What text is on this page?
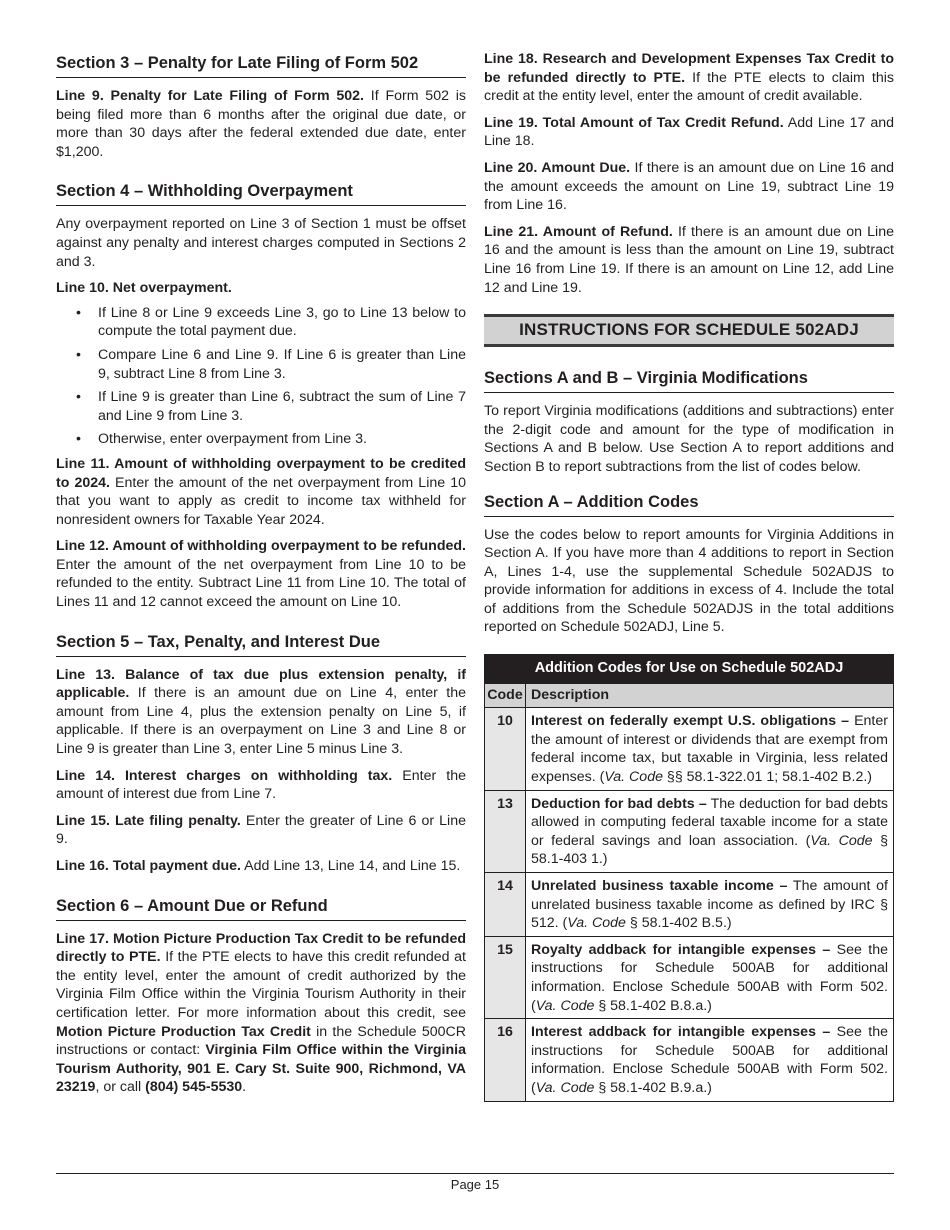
Section 3 – Penalty for Late Filing of Form 502

Line 9. Penalty for Late Filing of Form 502. If Form 502 is being filed more than 6 months after the original due date, or more than 30 days after the federal extended due date, enter $1,200.

Section 4 – Withholding Overpayment

Any overpayment reported on Line 3 of Section 1 must be offset against any penalty and interest charges computed in Sections 2 and 3.

Line 10. Net overpayment.

• If Line 8 or Line 9 exceeds Line 3, go to Line 13 below to compute the total payment due.
• Compare Line 6 and Line 9. If Line 6 is greater than Line 9, subtract Line 8 from Line 3.
• If Line 9 is greater than Line 6, subtract the sum of Line 7 and Line 9 from Line 3.
• Otherwise, enter overpayment from Line 3.

Line 11. Amount of withholding overpayment to be credited to 2024. Enter the amount of the net overpayment from Line 10 that you want to apply as credit to income tax withheld for nonresident owners for Taxable Year 2024.

Line 12. Amount of withholding overpayment to be refunded. Enter the amount of the net overpayment from Line 10 to be refunded to the entity. Subtract Line 11 from Line 10. The total of Lines 11 and 12 cannot exceed the amount on Line 10.

Section 5 – Tax, Penalty, and Interest Due

Line 13. Balance of tax due plus extension penalty, if applicable. If there is an amount due on Line 4, enter the amount from Line 4, plus the extension penalty on Line 5, if applicable. If there is an overpayment on Line 3 and Line 8 or Line 9 is greater than Line 3, enter Line 5 minus Line 3.

Line 14. Interest charges on withholding tax. Enter the amount of interest due from Line 7.

Line 15. Late filing penalty. Enter the greater of Line 6 or Line 9.

Line 16. Total payment due. Add Line 13, Line 14, and Line 15.

Section 6 – Amount Due or Refund

Line 17. Motion Picture Production Tax Credit to be refunded directly to PTE. If the PTE elects to have this credit refunded at the entity level, enter the amount of credit authorized by the Virginia Film Office within the Virginia Tourism Authority in their certification letter. For more information about this credit, see Motion Picture Production Tax Credit in the Schedule 500CR instructions or contact: Virginia Film Office within the Virginia Tourism Authority, 901 E. Cary St. Suite 900, Richmond, VA 23219, or call (804) 545-5530.

Line 18. Research and Development Expenses Tax Credit to be refunded directly to PTE. If the PTE elects to claim this credit at the entity level, enter the amount of credit available.

Line 19. Total Amount of Tax Credit Refund. Add Line 17 and Line 18.

Line 20. Amount Due. If there is an amount due on Line 16 and the amount exceeds the amount on Line 19, subtract Line 19 from Line 16.

Line 21. Amount of Refund. If there is an amount due on Line 16 and the amount is less than the amount on Line 19, subtract Line 16 from Line 19. If there is an amount on Line 12, add Line 12 and Line 19.

INSTRUCTIONS FOR SCHEDULE 502ADJ
Sections A and B – Virginia Modifications

To report Virginia modifications (additions and subtractions) enter the 2-digit code and amount for the type of modification in Sections A and B below. Use Section A to report additions and Section B to report subtractions from the list of codes below.

Section A – Addition Codes

Use the codes below to report amounts for Virginia Additions in Section A. If you have more than 4 additions to report in Section A, Lines 1-4, use the supplemental Schedule 502ADJS to provide information for additions in excess of 4. Include the total of additions from the Schedule 502ADJS in the total additions reported on Schedule 502ADJ, Line 5.

Addition Codes for Use on Schedule 502ADJ	
Code	Description
10	Interest on federally exempt U.S. obligations – Enter the amount of interest or dividends that are exempt from federal income tax, but taxable in Virginia, less related expenses. (Va. Code §§ 58.1-322.01 1; 58.1-402 B.2.)
13	Deduction for bad debts – The deduction for bad debts allowed in computing federal taxable income for a state or federal savings and loan association. (Va. Code § 58.1-403 1.)
14	Unrelated business taxable income – The amount of unrelated business taxable income as defined by IRC § 512. (Va. Code § 58.1-402 B.5.)
15	Royalty addback for intangible expenses – See the instructions for Schedule 500AB for additional information. Enclose Schedule 500AB with Form 502. (Va. Code § 58.1-402 B.8.a.)
16	Interest addback for intangible expenses – See the instructions for Schedule 500AB for additional information. Enclose Schedule 500AB with Form 502. (Va. Code § 58.1-402 B.9.a.)
Page 15
